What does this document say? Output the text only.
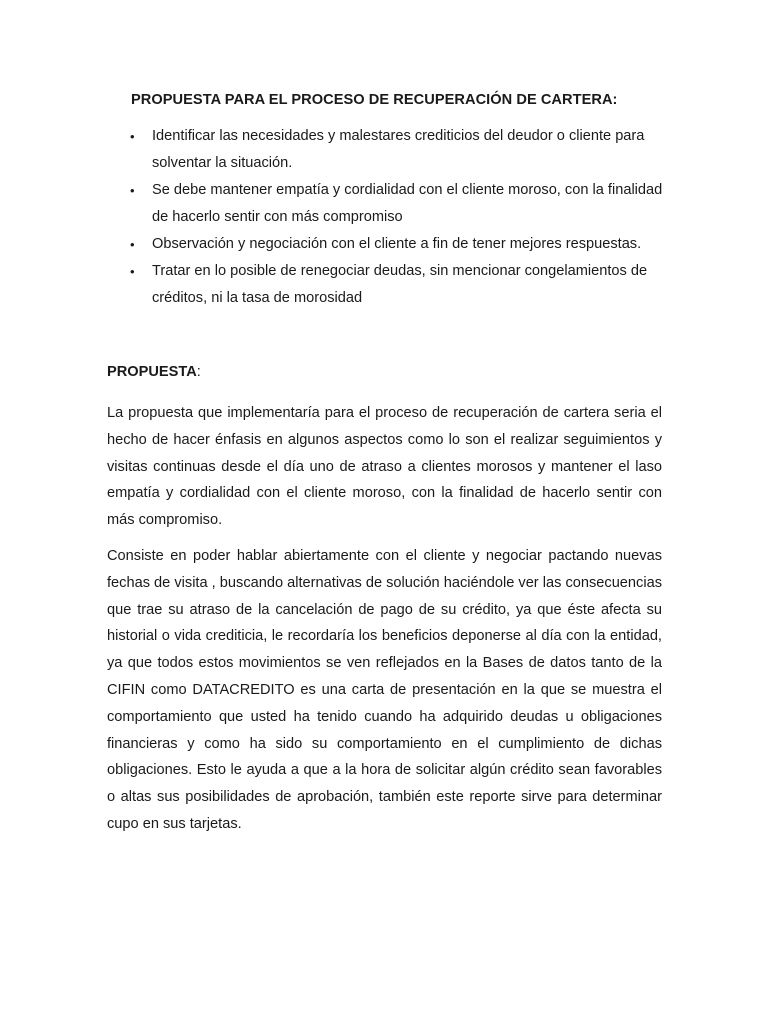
PROPUESTA PARA EL PROCESO DE RECUPERACIÓN DE CARTERA:
• Identificar las necesidades y malestares crediticios del deudor o cliente para solventar la situación.
• Se debe mantener empatía y cordialidad con el cliente moroso, con la finalidad de hacerlo sentir con más compromiso
• Observación y negociación con el cliente a fin de tener mejores respuestas.
• Tratar en lo posible de renegociar deudas, sin mencionar congelamientos de créditos, ni la tasa de morosidad

PROPUESTA:

La propuesta que implementaría para el proceso de recuperación de cartera seria el hecho de hacer énfasis en algunos aspectos como lo son el realizar seguimientos y visitas continuas desde el día uno de atraso a clientes morosos y mantener el laso empatía y cordialidad con el cliente moroso, con la finalidad de hacerlo sentir con más compromiso.

Consiste en poder hablar abiertamente con el cliente y negociar pactando nuevas fechas de visita , buscando alternativas de solución haciéndole ver las consecuencias que trae su atraso de la cancelación de pago de su crédito, ya que éste afecta su historial o vida crediticia, le recordaría los beneficios deponerse al día con la entidad, ya que todos estos movimientos se ven reflejados en la Bases de datos tanto de la CIFIN como DATACREDITO es una carta de presentación en la que se muestra el comportamiento que usted ha tenido cuando ha adquirido deudas u obligaciones financieras y como ha sido su comportamiento en el cumplimiento de dichas obligaciones. Esto le ayuda a que a la hora de solicitar algún crédito sean favorables o altas sus posibilidades de aprobación, también este reporte sirve para determinar cupo en sus tarjetas.
